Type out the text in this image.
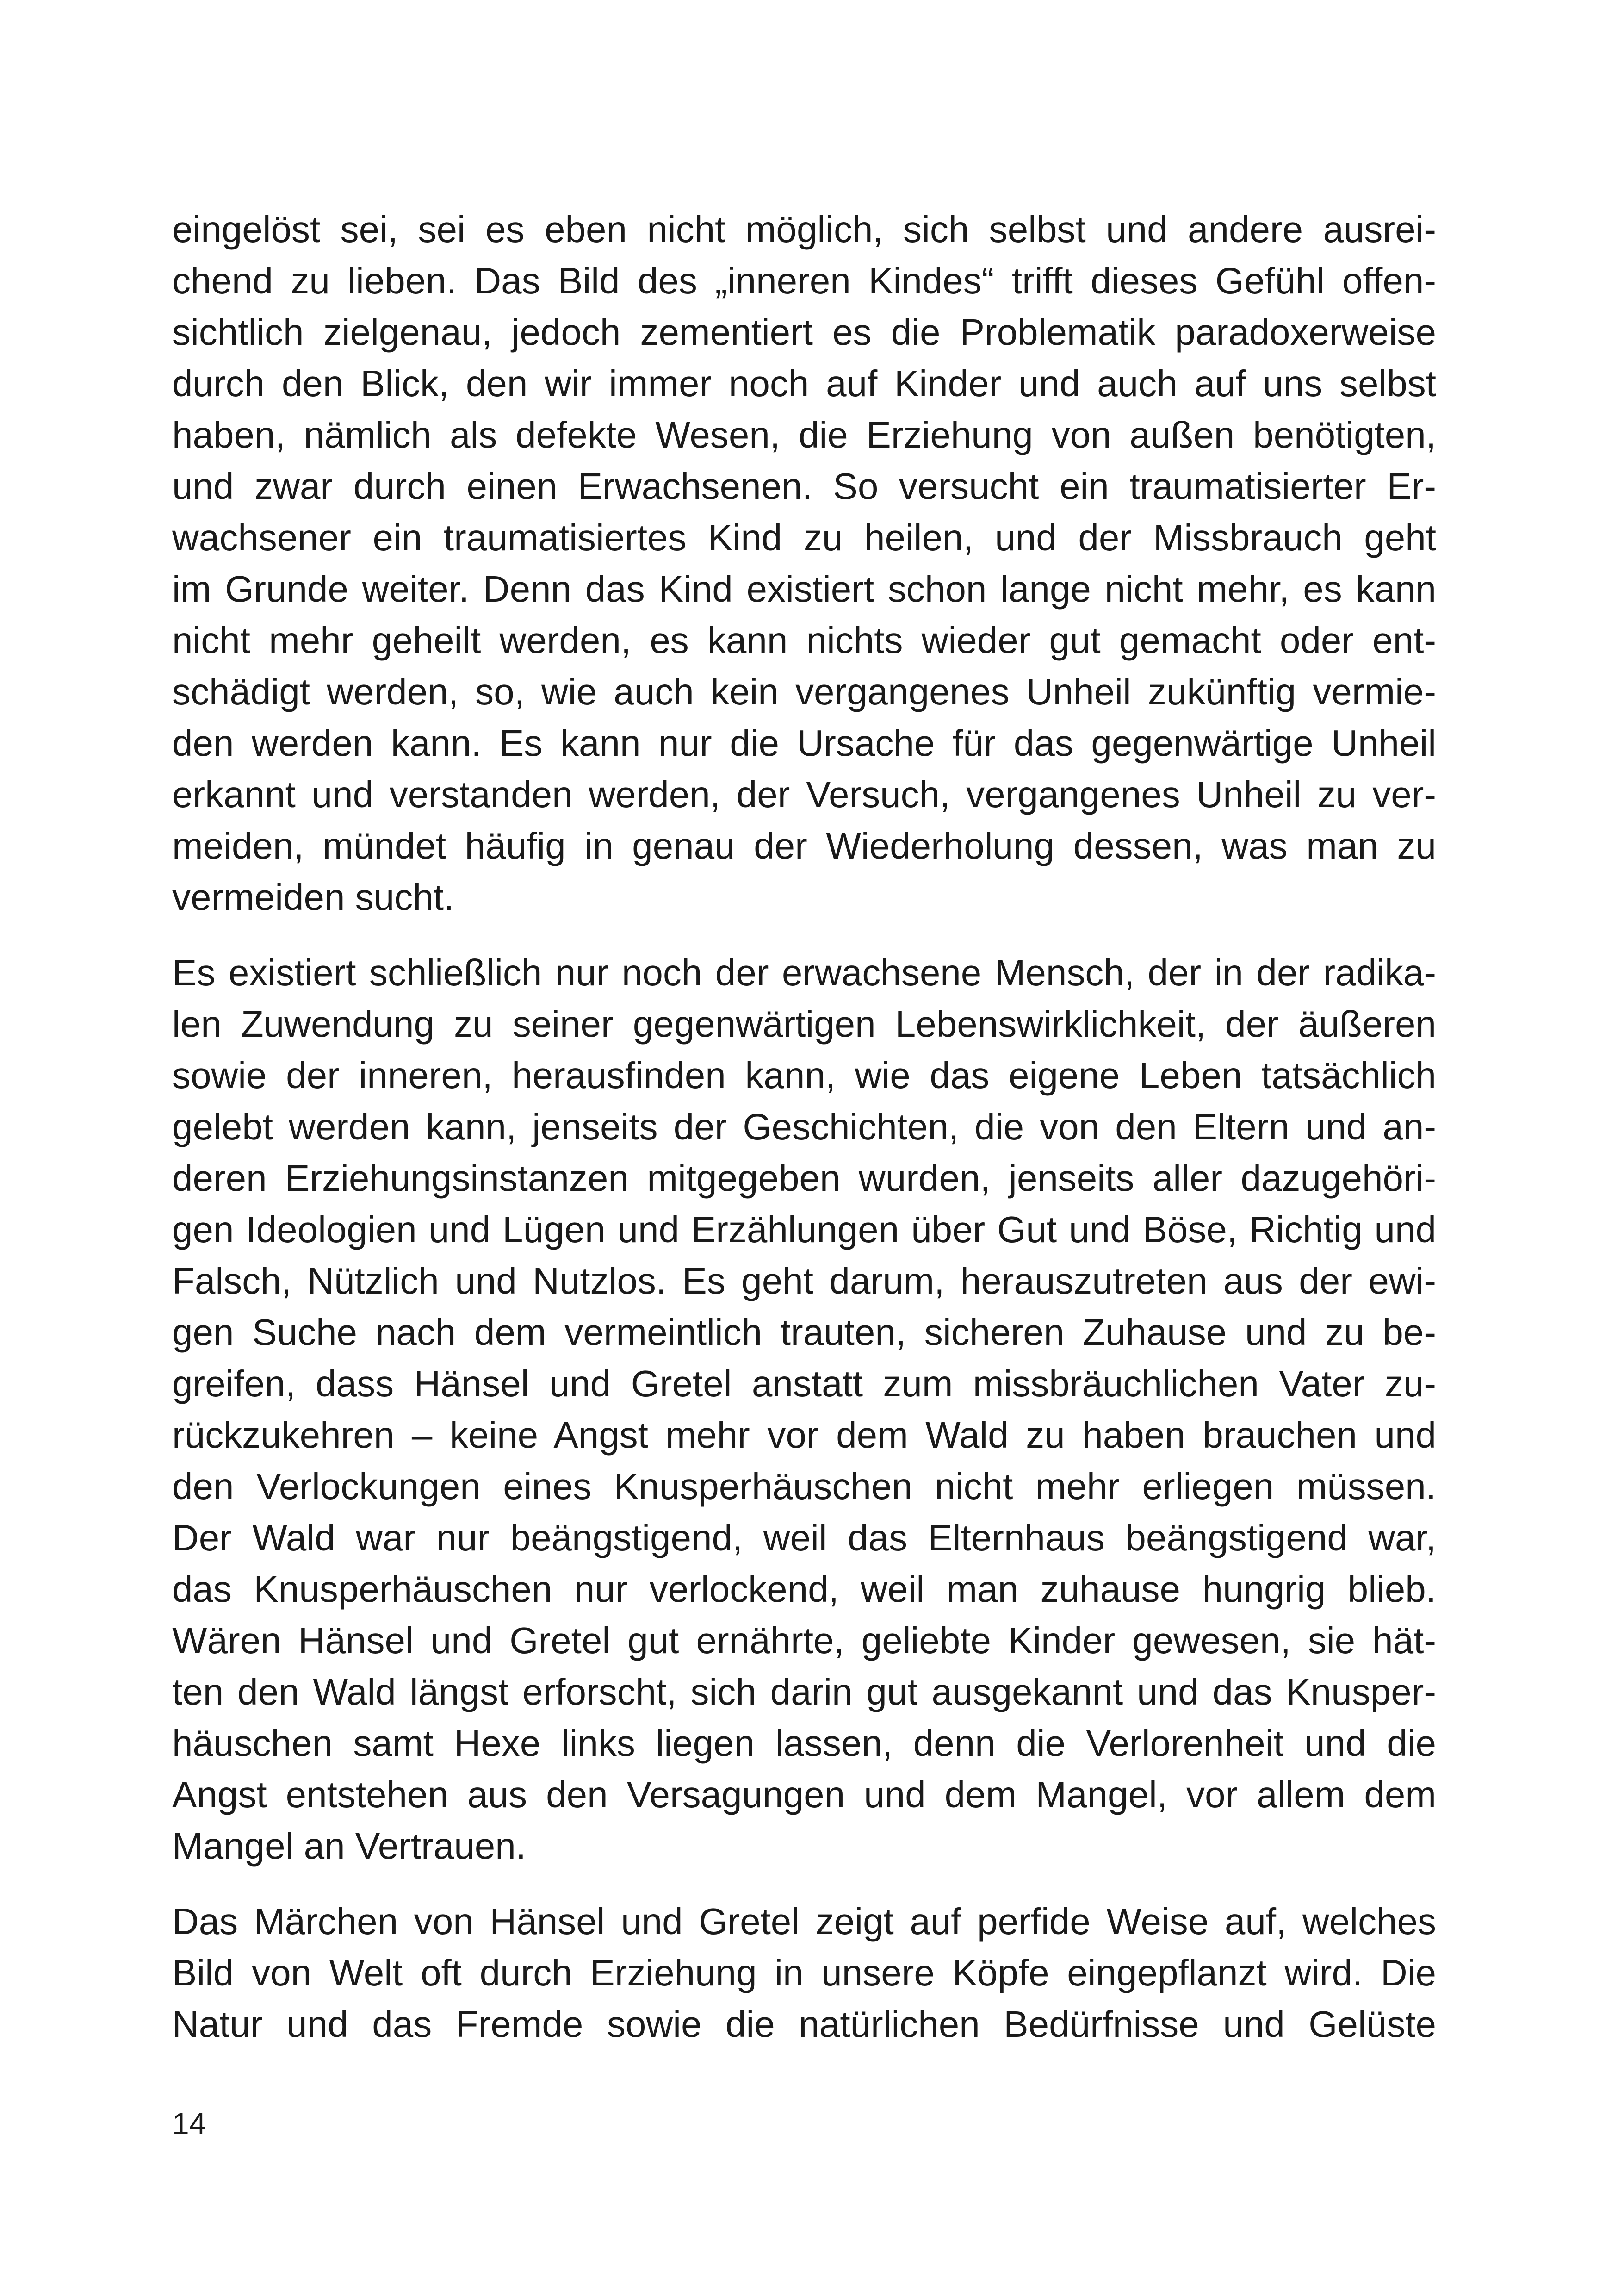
eingelöst sei, sei es eben nicht möglich, sich selbst und andere ausrei-
chend zu lieben. Das Bild des „inneren Kindes“ trifft dieses Gefühl offen-
sichtlich zielgenau, jedoch zementiert es die Problematik paradoxerweise
durch den Blick, den wir immer noch auf Kinder und auch auf uns selbst
haben, nämlich als defekte Wesen, die Erziehung von außen benötigten,
und zwar durch einen Erwachsenen. So versucht ein traumatisierter Er-
wachsener ein traumatisiertes Kind zu heilen, und der Missbrauch geht
im Grunde weiter. Denn das Kind existiert schon lange nicht mehr, es kann
nicht mehr geheilt werden, es kann nichts wieder gut gemacht oder ent-
schädigt werden, so, wie auch kein vergangenes Unheil zukünftig vermie-
den werden kann. Es kann nur die Ursache für das gegenwärtige Unheil
erkannt und verstanden werden, der Versuch, vergangenes Unheil zu ver-
meiden, mündet häufig in genau der Wiederholung dessen, was man zu
vermeiden sucht.
Es existiert schließlich nur noch der erwachsene Mensch, der in der radika-
len Zuwendung zu seiner gegenwärtigen Lebenswirklichkeit, der äußeren
sowie der inneren, herausfinden kann, wie das eigene Leben tatsächlich
gelebt werden kann, jenseits der Geschichten, die von den Eltern und an-
deren Erziehungsinstanzen mitgegeben wurden, jenseits aller dazugehöri-
gen Ideologien und Lügen und Erzählungen über Gut und Böse, Richtig und
Falsch, Nützlich und Nutzlos. Es geht darum, herauszutreten aus der ewi-
gen Suche nach dem vermeintlich trauten, sicheren Zuhause und zu be-
greifen, dass Hänsel und Gretel anstatt zum missbräuchlichen Vater zu-
rückzukehren – keine Angst mehr vor dem Wald zu haben brauchen und
den Verlockungen eines Knusperhäuschen nicht mehr erliegen müssen.
Der Wald war nur beängstigend, weil das Elternhaus beängstigend war,
das Knusperhäuschen nur verlockend, weil man zuhause hungrig blieb.
Wären Hänsel und Gretel gut ernährte, geliebte Kinder gewesen, sie hät-
ten den Wald längst erforscht, sich darin gut ausgekannt und das Knusper-
häuschen samt Hexe links liegen lassen, denn die Verlorenheit und die
Angst entstehen aus den Versagungen und dem Mangel, vor allem dem
Mangel an Vertrauen.
Das Märchen von Hänsel und Gretel zeigt auf perfide Weise auf, welches
Bild von Welt oft durch Erziehung in unsere Köpfe eingepflanzt wird. Die
Natur und das Fremde sowie die natürlichen Bedürfnisse und Gelüste
14
